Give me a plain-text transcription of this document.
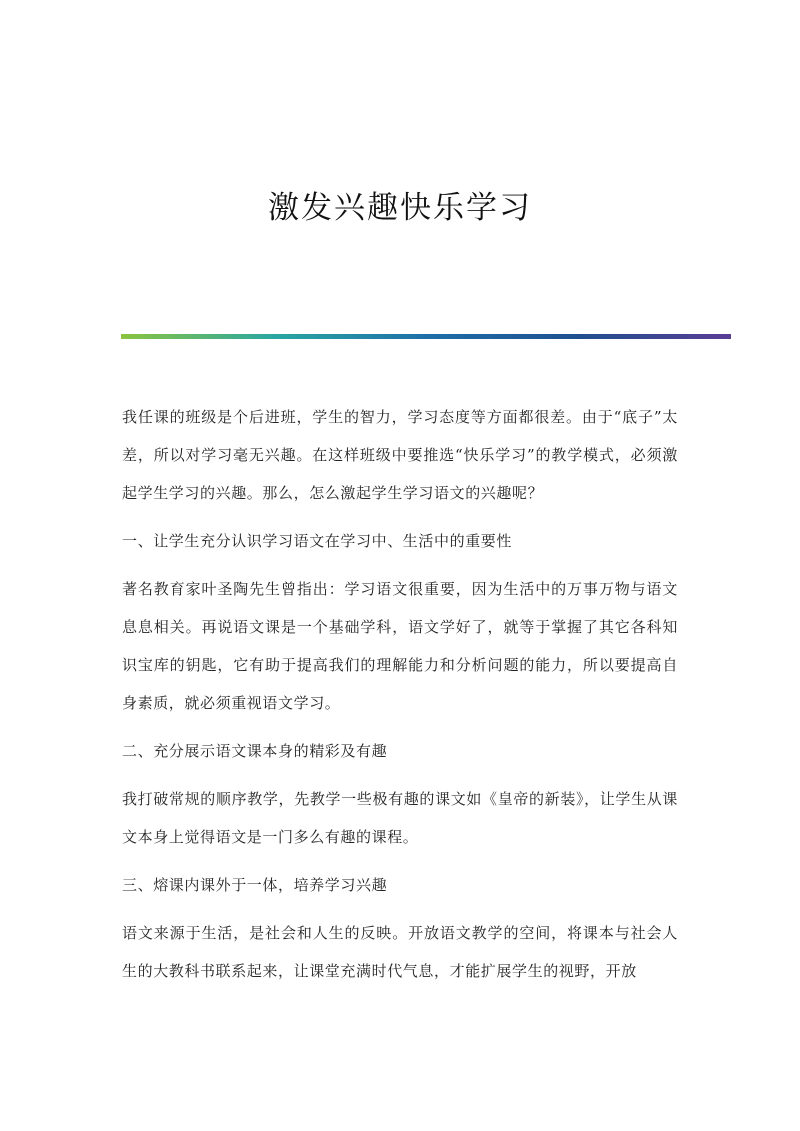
激发兴趣快乐学习

我任课的班级是个后进班，学生的智力，学习态度等方面都很差。由于“底子”太差，所以对学习毫无兴趣。在这样班级中要推选“快乐学习”的教学模式，必须激起学生学习的兴趣。那么，怎么激起学生学习语文的兴趣呢？

一、让学生充分认识学习语文在学习中、生活中的重要性

著名教育家叶圣陶先生曾指出：学习语文很重要，因为生活中的万事万物与语文息息相关。再说语文课是一个基础学科，语文学好了，就等于掌握了其它各科知识宝库的钥匙，它有助于提高我们的理解能力和分析问题的能力，所以要提高自身素质，就必须重视语文学习。

二、充分展示语文课本身的精彩及有趣

我打破常规的顺序教学，先教学一些极有趣的课文如《皇帝的新装》，让学生从课文本身上觉得语文是一门多么有趣的课程。

三、熔课内课外于一体，培养学习兴趣

语文来源于生活，是社会和人生的反映。开放语文教学的空间，将课本与社会人生的大教科书联系起来，让课堂充满时代气息，才能扩展学生的视野，开放
